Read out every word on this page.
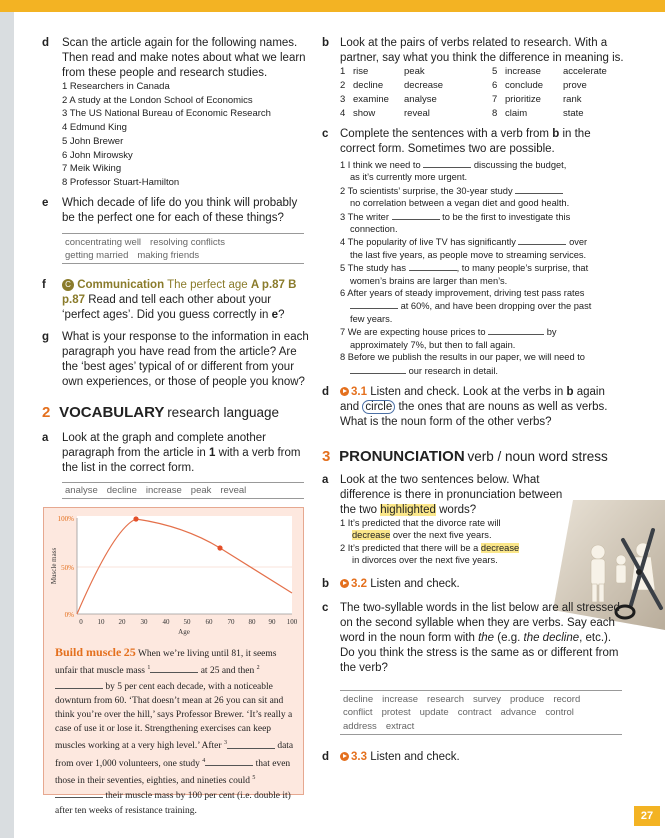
d Scan the article again for the following names. Then read and make notes about what we learn from these people and research studies.
1 Researchers in Canada
2 A study at the London School of Economics
3 The US National Bureau of Economic Research
4 Edmund King
5 John Brewer
6 John Mirowsky
7 Meik Wiking
8 Professor Stuart-Hamilton
e Which decade of life do you think will probably be the perfect one for each of these things?
concentrating well resolving conflicts
getting married making friends
f	C Communication The perfect age A p.87 B p.87 Read and tell each other about your ‘perfect ages’. Did you guess correctly in e?
g What is your response to the information in each paragraph you have read from the article? Are the ‘best ages’ typical of or different from your own experiences, or those of people you know?
2 VOCABULARY research language
a Look at the graph and complete another paragraph from the article in 1 with a verb from the list in the correct form.
analyse decline increase peak reveal
100%
50%
0%
Muscle mass
0 10 20 30 40 50 60 70 80 90 100
Age
Build muscle 25 When we’re living until 81, it seems unfair that muscle mass $^1$	at 25 and then $^2$ by 5 per cent each decade, with a noticeable downturn from 60. ‘That doesn’t mean at 26 you can sit and think you’re over the hill,’ says Professor Brewer. ‘It’s really a case of use it or lose it. Strengthening exercises can keep muscles working at a very high level.’ After $^3$	data from over 1,000 volunteers, one study $^4$	that even those in their seventies, eighties, and nineties could $^5$ their muscle mass by 100 per cent (i.e. double it) after ten weeks of resistance training.
b Look at the pairs of verbs related to research. With a partner, say what you think the difference in meaning is.
1	rise	peak	5	increase	accelerate
2	decline	decrease	6	conclude	prove
3	examine	analyse	7	prioritize	rank
4	show	reveal	8	claim	state
c Complete the sentences with a verb from b in the correct form. Sometimes two are possible.
1 I think we need to	discussing the budget,
as it’s currently more urgent.
2 To scientists’ surprise, the 30-year study
no correlation between a vegan diet and good health.
3 The writer	to be the first to investigate this
connection.
4 The popularity of live TV has significantly	over
the last five years, as people move to streaming services.
5 The study has	, to many people’s surprise, that
women’s brains are larger than men’s.
6 After years of steady improvement, driving test pass rates
at 60%, and have been dropping over the past
few years.
7 We are expecting house prices to	by
approximately 7%, but then to fall again.
8 Before we publish the results in our paper, we will need to
our research in detail.
d	3.1 Listen and check. Look at the verbs in b again and circle the ones that are nouns as well as verbs. What is the noun form of the other verbs?
3 PRONUNCIATION verb / noun word stress
a Look at the two sentences below. What difference is there in pronunciation between the two highlighted words?
1 It’s predicted that the divorce rate will
decrease over the next five years.
2 It’s predicted that there will be a decrease
in divorces over the next five years.
b	3.2 Listen and check.
c The two-syllable words in the list below are all stressed on the second syllable when they are verbs. Say each word in the noun form with the (e.g. the decline, etc.). Do you think the stress is the same as or different from the verb?
decline increase research survey produce record
conflict protest update contract advance control
address extract
d	3.3 Listen and check.
27
